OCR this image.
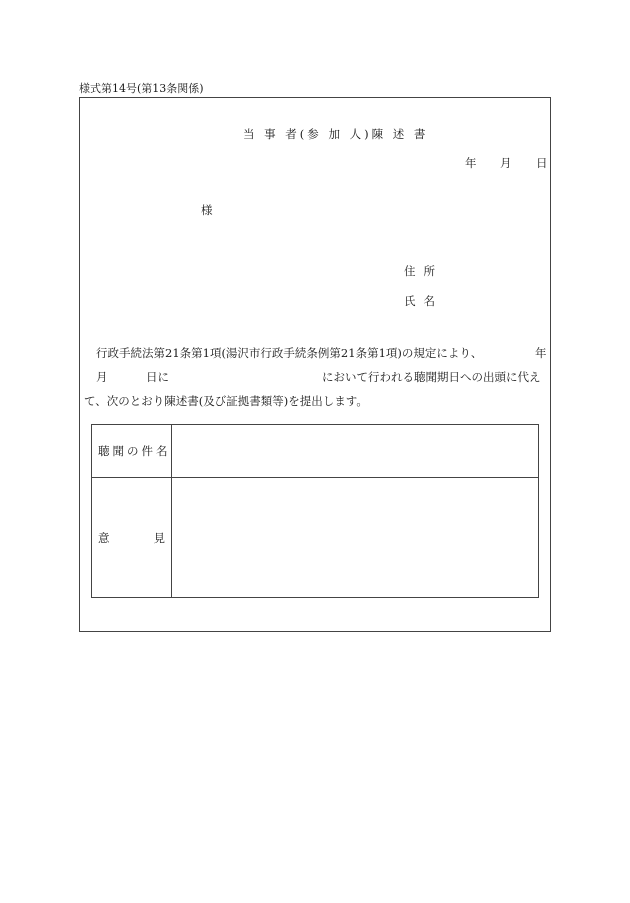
様式第14号(第13条関係)
当 事 者(参 加 人)陳 述 書
年 月 日
様
住所
氏名
行政手続法第21条第1項(湯沢市行政手続条例第21条第1項)の規定により、	年
月	日に	において行われる聴聞期日への出頭に代え
て、次のとおり陳述書(及び証拠書類等)を提出します。
聴聞の件名	

意 見	
